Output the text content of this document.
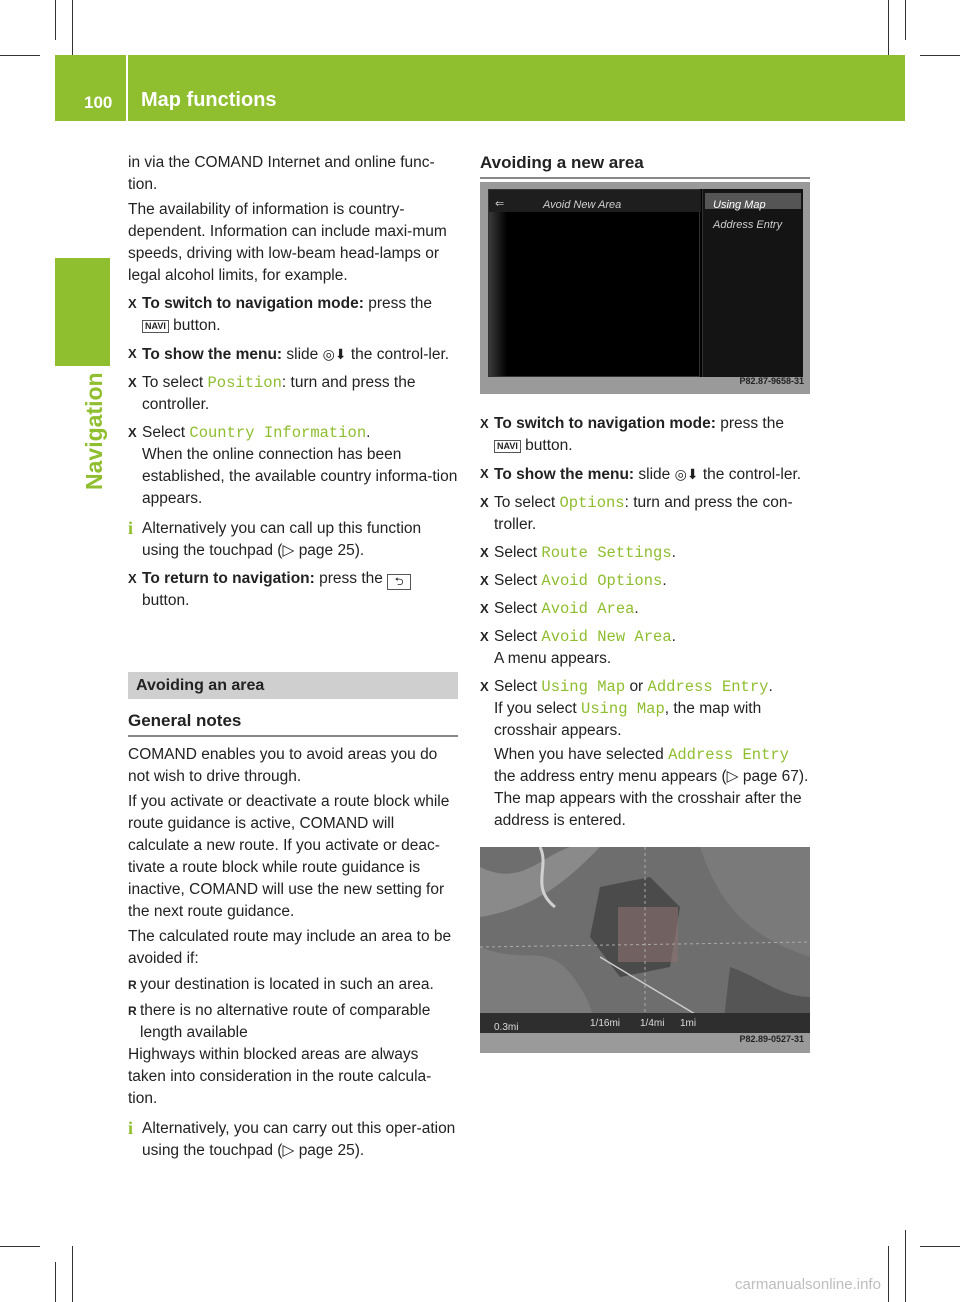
100 Map functions
Navigation

in via the COMAND Internet and online func-tion.

The availability of information is country-dependent. Information can include maxi-mum speeds, driving with low-beam head-lamps or legal alcohol limits, for example.

X To switch to navigation mode: press the NAVI button.
X To show the menu: slide ◎⬇ the control-ler.
X To select Position: turn and press the controller.
X Select Country Information.
When the online connection has been established, the available country informa-tion appears.
i Alternatively you can call up this function using the touchpad (▷ page 25).
X To return to navigation: press the ⮌
button.
Avoiding an area
General notes

COMAND enables you to avoid areas you do not wish to drive through.

If you activate or deactivate a route block while route guidance is active, COMAND will calculate a new route. If you activate or deac-tivate a route block while route guidance is inactive, COMAND will use the new setting for the next route guidance.

The calculated route may include an area to be avoided if:

R your destination is located in such an area.
R there is no alternative route of comparable length available

Highways within blocked areas are always taken into consideration in the route calcula-tion.

i Alternatively, you can carry out this oper-ation using the touchpad (▷ page 25).
Avoiding a new area
⇐	Avoid New Area	Using Map
Address Entry
P82.87-9658-31
X To switch to navigation mode: press the NAVI button.
X To show the menu: slide ◎⬇ the control-ler.
X To select Options: turn and press the con-troller.
X Select Route Settings.
X Select Avoid Options.
X Select Avoid Area.
X Select Avoid New Area.
A menu appears.
X Select Using Map or Address Entry.
If you select Using Map, the map with crosshair appears.
When you have selected Address Entry the address entry menu appears (▷ page 67). The map appears with the crosshair after the address is entered.
0.3mi	1/16mi 1/4mi 1mi
P82.89-0527-31
carmanualsonline.info
